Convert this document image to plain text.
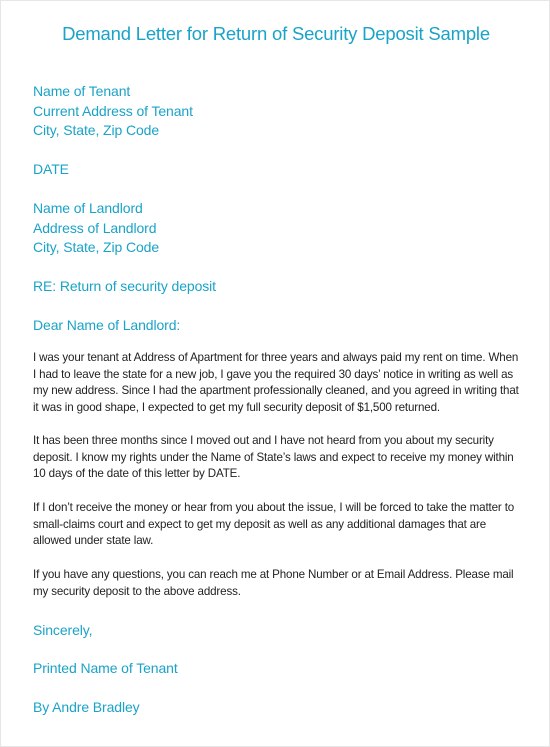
Demand Letter for Return of Security Deposit Sample
Name of Tenant
Current Address of Tenant
City, State, Zip Code
DATE
Name of Landlord
Address of Landlord
City, State, Zip Code
RE: Return of security deposit
Dear Name of Landlord:
I was your tenant at Address of Apartment for three years and always paid my rent on time. When I had to leave the state for a new job, I gave you the required 30 days’ notice in writing as well as my new address. Since I had the apartment professionally cleaned, and you agreed in writing that it was in good shape, I expected to get my full security deposit of $1,500 returned.
It has been three months since I moved out and I have not heard from you about my security deposit. I know my rights under the Name of State’s laws and expect to receive my money within 10 days of the date of this letter by DATE.
If I don’t receive the money or hear from you about the issue, I will be forced to take the matter to small-claims court and expect to get my deposit as well as any additional damages that are allowed under state law.
If you have any questions, you can reach me at Phone Number or at Email Address. Please mail my security deposit to the above address.
Sincerely,
Printed Name of Tenant
By Andre Bradley
